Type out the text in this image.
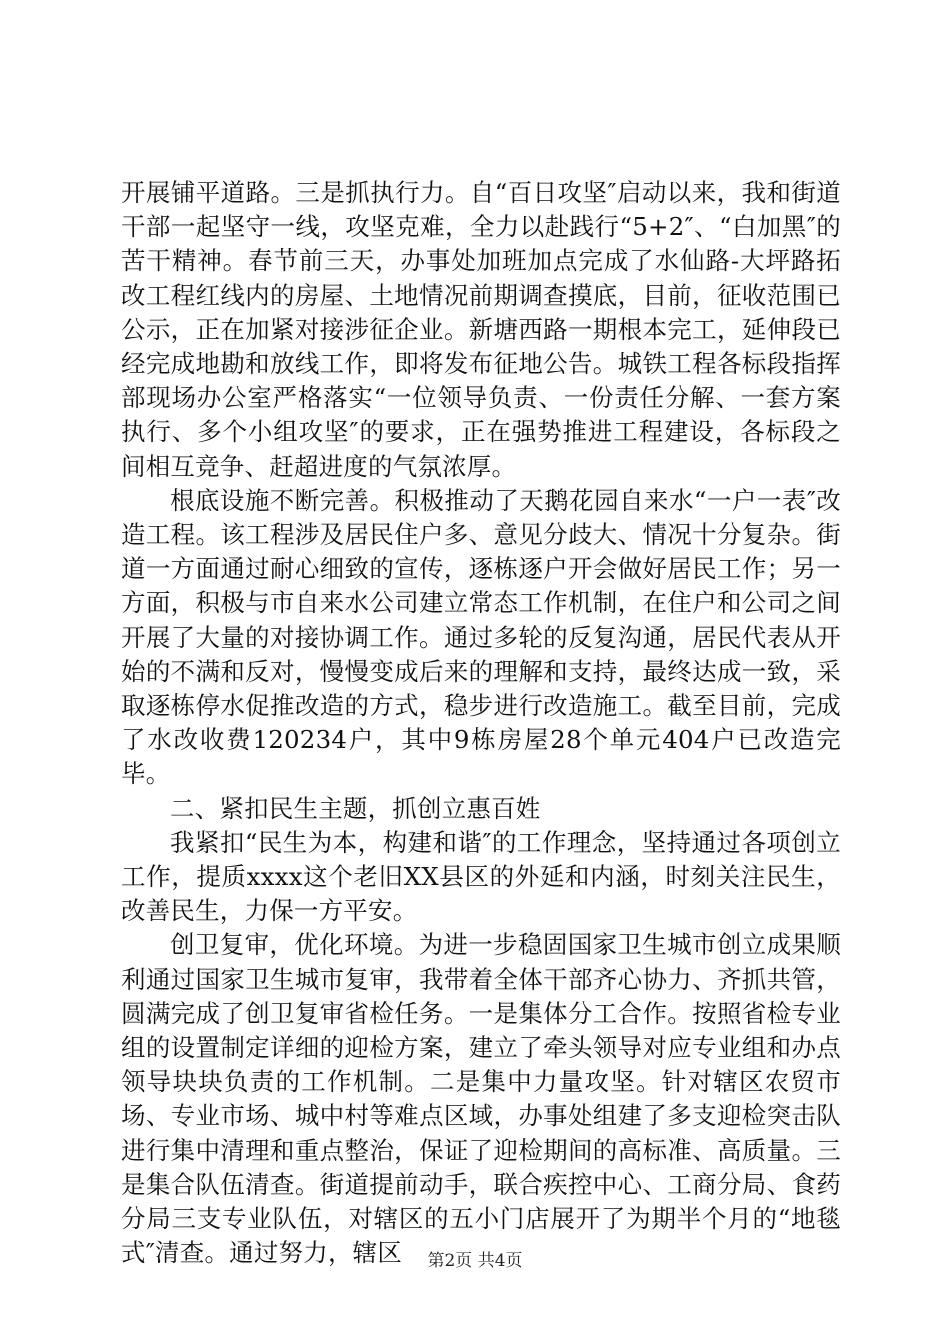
开展铺平道路。三是抓执行力。自“百日攻坚″启动以来，我和街道干部一起坚守一线，攻坚克难，全力以赴践行“5+2″、“白加黑″的苦干精神。春节前三天，办事处加班加点完成了水仙路-大坪路拓改工程红线内的房屋、土地情况前期调查摸底，目前，征收范围已公示，正在加紧对接涉征企业。新塘西路一期根本完工，延伸段已经完成地勘和放线工作，即将发布征地公告。城铁工程各标段指挥部现场办公室严格落实“一位领导负责、一份责任分解、一套方案执行、多个小组攻坚″的要求，正在强势推进工程建设，各标段之间相互竞争、赶超进度的气氛浓厚。

根底设施不断完善。积极推动了天鹅花园自来水“一户一表″改造工程。该工程涉及居民住户多、意见分歧大、情况十分复杂。街道一方面通过耐心细致的宣传，逐栋逐户开会做好居民工作；另一方面，积极与市自来水公司建立常态工作机制，在住户和公司之间开展了大量的对接协调工作。通过多轮的反复沟通，居民代表从开始的不满和反对，慢慢变成后来的理解和支持，最终达成一致，采取逐栋停水促推改造的方式，稳步进行改造施工。截至目前，完成了水改收费120234户，其中9栋房屋28个单元404户已改造完毕。

二、紧扣民生主题，抓创立惠百姓

我紧扣“民生为本，构建和谐″的工作理念，坚持通过各项创立工作，提质xxxx这个老旧XX县区的外延和内涵，时刻关注民生，改善民生，力保一方平安。

创卫复审，优化环境。为进一步稳固国家卫生城市创立成果顺利通过国家卫生城市复审，我带着全体干部齐心协力、齐抓共管，圆满完成了创卫复审省检任务。一是集体分工合作。按照省检专业组的设置制定详细的迎检方案，建立了牵头领导对应专业组和办点领导块块负责的工作机制。二是集中力量攻坚。针对辖区农贸市场、专业市场、城中村等难点区域，办事处组建了多支迎检突击队进行集中清理和重点整治，保证了迎检期间的高标准、高质量。三是集合队伍清查。街道提前动手，联合疾控中心、工商分局、食药分局三支专业队伍，对辖区的五小门店展开了为期半个月的“地毯式″清查。通过努力，辖区	第2页 共4页
